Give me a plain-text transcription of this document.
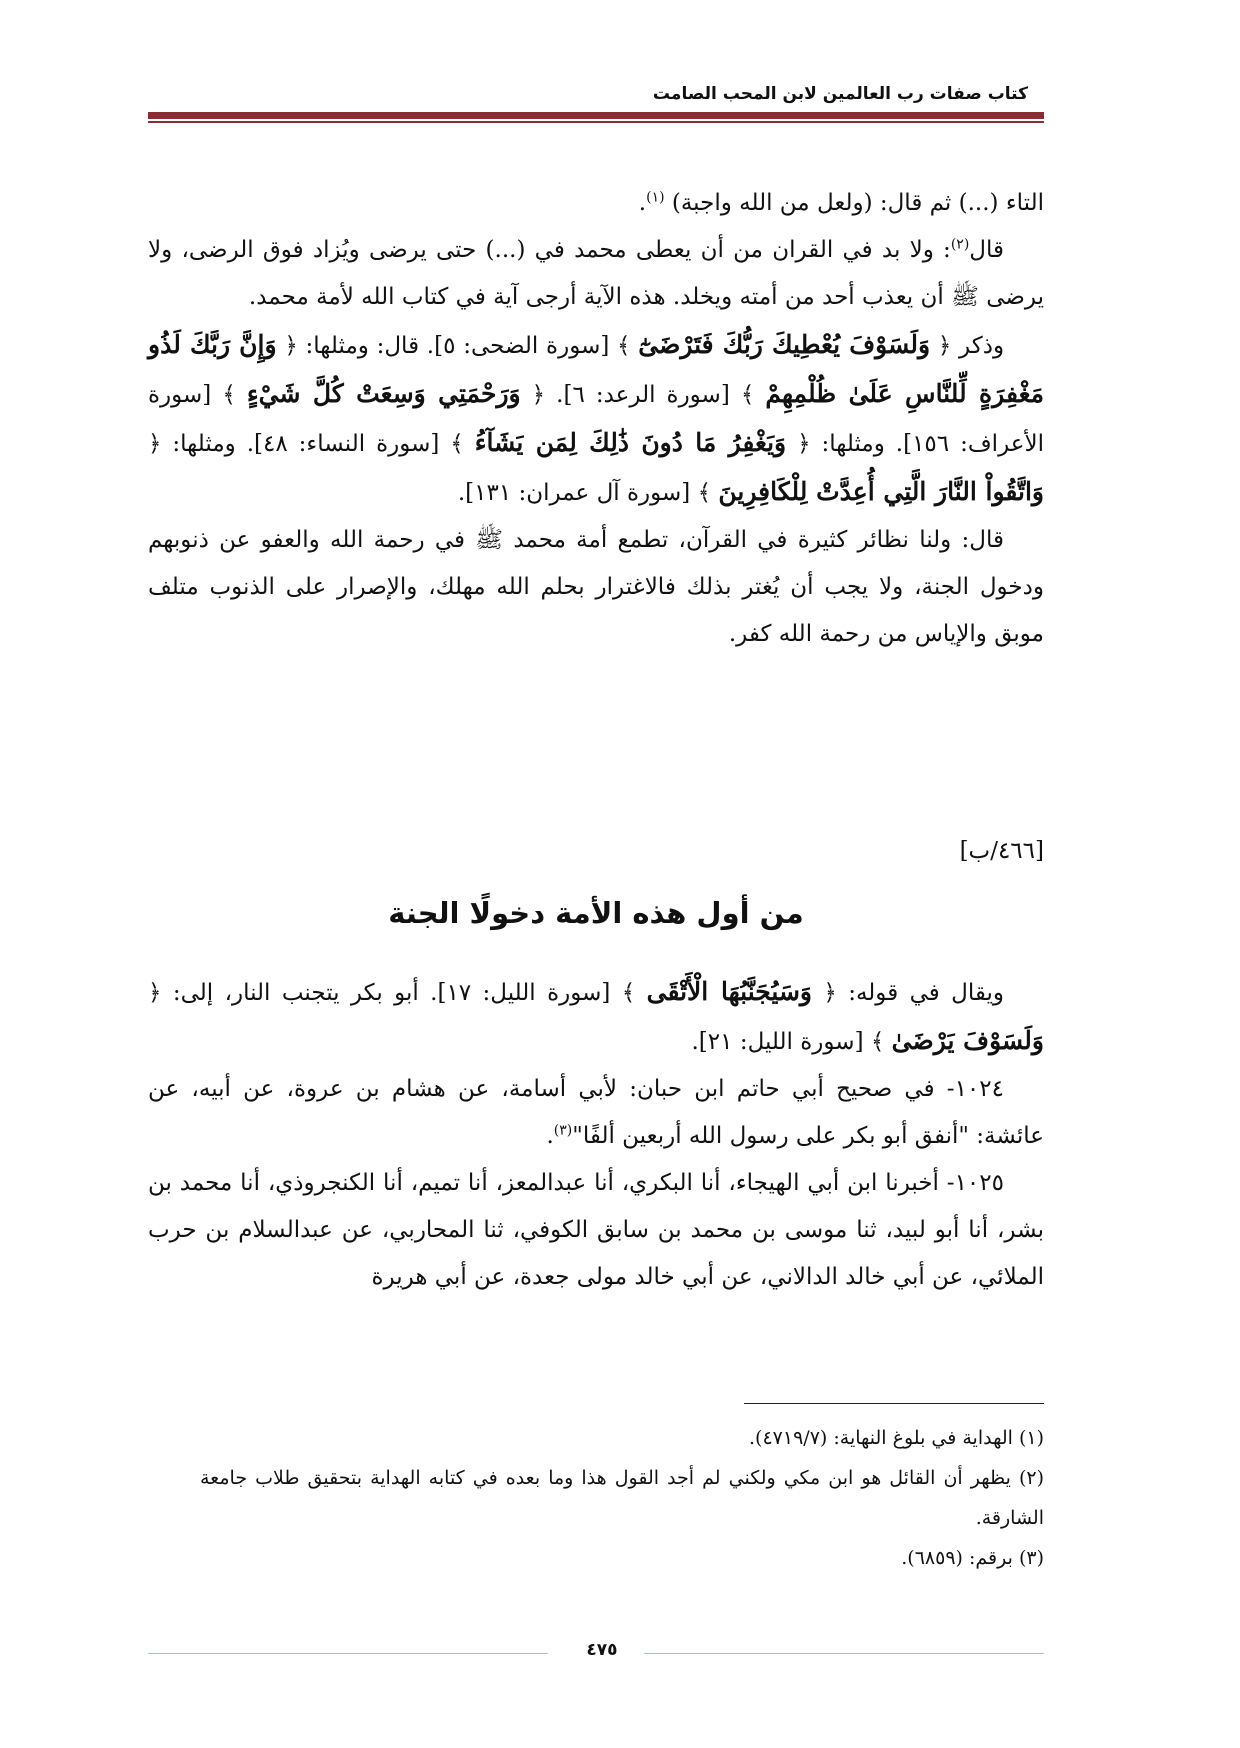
كتاب صفات رب العالمين لابن المحب الصامت

التاء (...) ثم قال: (ولعل من الله واجبة) $^{(١)}$.

قال$^{(٢)}$: ولا بد في القران من أن يعطى محمد في (...) حتى يرضى ويُزاد فوق الرضى، ولا يرضى ﷺ أن يعذب أحد من أمته ويخلد. هذه الآية أرجى آية في كتاب الله لأمة محمد.

وذكر ﴿ وَلَسَوْفَ يُعْطِيكَ رَبُّكَ فَتَرْضَىٰٓ ﴾ [سورة الضحى: ٥]. قال: ومثلها: ﴿ وَإِنَّ رَبَّكَ لَذُو مَغْفِرَةٍ لِّلنَّاسِ عَلَىٰ ظُلْمِهِمْ ﴾ [سورة الرعد: ٦]. ﴿ وَرَحْمَتِي وَسِعَتْ كُلَّ شَيْءٍ ﴾ [سورة الأعراف: ١٥٦]. ومثلها: ﴿ وَيَغْفِرُ مَا دُونَ ذَٰلِكَ لِمَن يَشَآءُ ﴾ [سورة النساء: ٤٨]. ومثلها: ﴿ وَاتَّقُواْ النَّارَ الَّتِي أُعِدَّتْ لِلْكَافِرِينَ ﴾ [سورة آل عمران: ١٣١].

قال: ولنا نظائر كثيرة في القرآن، تطمع أمة محمد ﷺ في رحمة الله والعفو عن ذنوبهم ودخول الجنة، ولا يجب أن يُغتر بذلك فالاغترار بحلم الله مهلك، والإصرار على الذنوب متلف موبق والإياس من رحمة الله كفر.

[٤٦٦/ب]
من أول هذه الأمة دخولًا الجنة

ويقال في قوله: ﴿ وَسَيُجَنَّبُهَا الْأَتْقَى ﴾ [سورة الليل: ١٧]. أبو بكر يتجنب النار، إلى: ﴿ وَلَسَوْفَ يَرْضَىٰ ﴾ [سورة الليل: ٢١].

١٠٢٤- في صحيح أبي حاتم ابن حبان: لأبي أسامة، عن هشام بن عروة، عن أبيه، عن عائشة: "أنفق أبو بكر على رسول الله أربعين ألفًا"$^{(٣)}$.

١٠٢٥- أخبرنا ابن أبي الهيجاء، أنا البكري، أنا عبدالمعز، أنا تميم، أنا الكنجروذي، أنا محمد بن بشر، أنا أبو لبيد، ثنا موسى بن محمد بن سابق الكوفي، ثنا المحاربي، عن عبدالسلام بن حرب الملائي، عن أبي خالد الدالاني، عن أبي خالد مولى جعدة، عن أبي هريرة

(١) الهداية في بلوغ النهاية: (٤٧١٩/٧).

(٢) يظهر أن القائل هو ابن مكي ولكني لم أجد القول هذا وما بعده في كتابه الهداية بتحقيق طلاب جامعة الشارقة.

(٣) برقم: (٦٨٥٩).

٤٧٥
